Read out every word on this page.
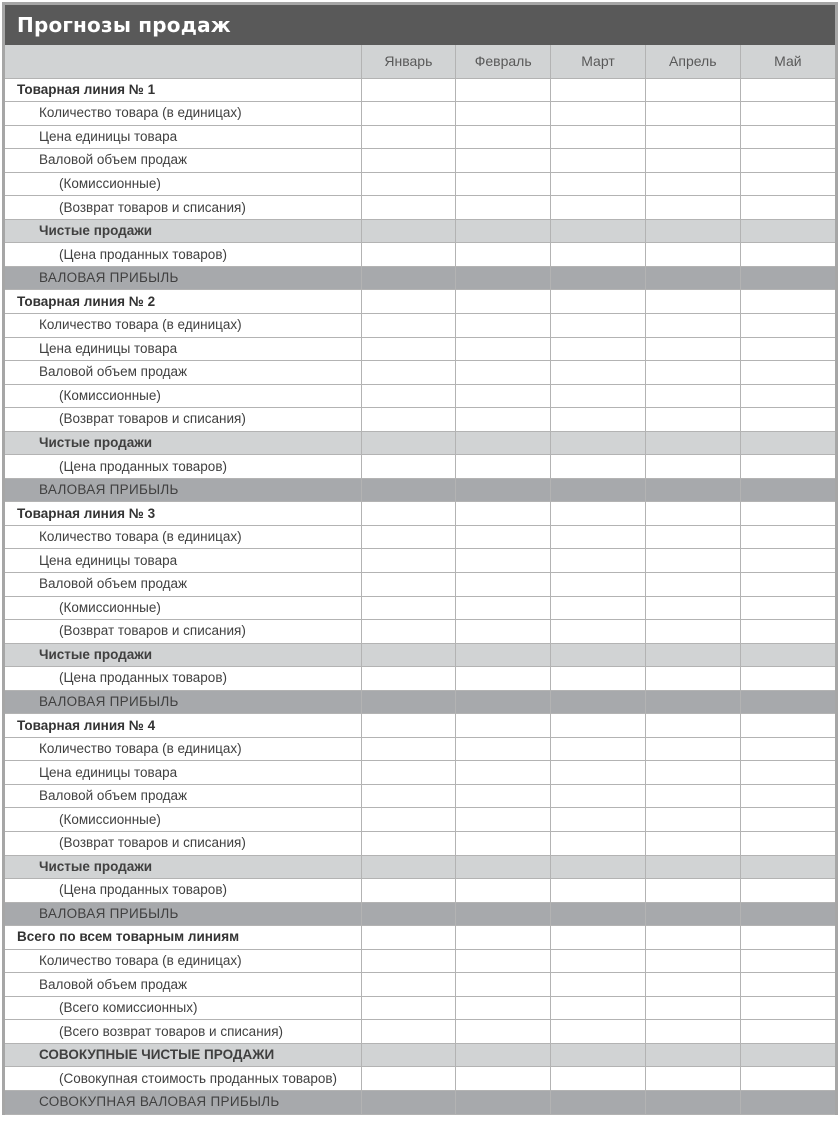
Прогнозы продаж
	Январь	Февраль	Март	Апрель	Май
Товарная линия № 1					
Количество товара (в единицах)					
Цена единицы товара					
Валовой объем продаж					
(Комиссионные)					
(Возврат товаров и списания)					
Чистые продажи					
(Цена проданных товаров)					
ВАЛОВАЯ ПРИБЫЛЬ					
Товарная линия № 2					
Количество товара (в единицах)					
Цена единицы товара					
Валовой объем продаж					
(Комиссионные)					
(Возврат товаров и списания)					
Чистые продажи					
(Цена проданных товаров)					
ВАЛОВАЯ ПРИБЫЛЬ					
Товарная линия № 3					
Количество товара (в единицах)					
Цена единицы товара					
Валовой объем продаж					
(Комиссионные)					
(Возврат товаров и списания)					
Чистые продажи					
(Цена проданных товаров)					
ВАЛОВАЯ ПРИБЫЛЬ					
Товарная линия № 4					
Количество товара (в единицах)					
Цена единицы товара					
Валовой объем продаж					
(Комиссионные)					
(Возврат товаров и списания)					
Чистые продажи					
(Цена проданных товаров)					
ВАЛОВАЯ ПРИБЫЛЬ					
Всего по всем товарным линиям					
Количество товара (в единицах)					
Валовой объем продаж					
(Всего комиссионных)					
(Всего возврат товаров и списания)					
СОВОКУПНЫЕ ЧИСТЫЕ ПРОДАЖИ					
(Совокупная стоимость проданных товаров)					
СОВОКУПНАЯ ВАЛОВАЯ ПРИБЫЛЬ					
